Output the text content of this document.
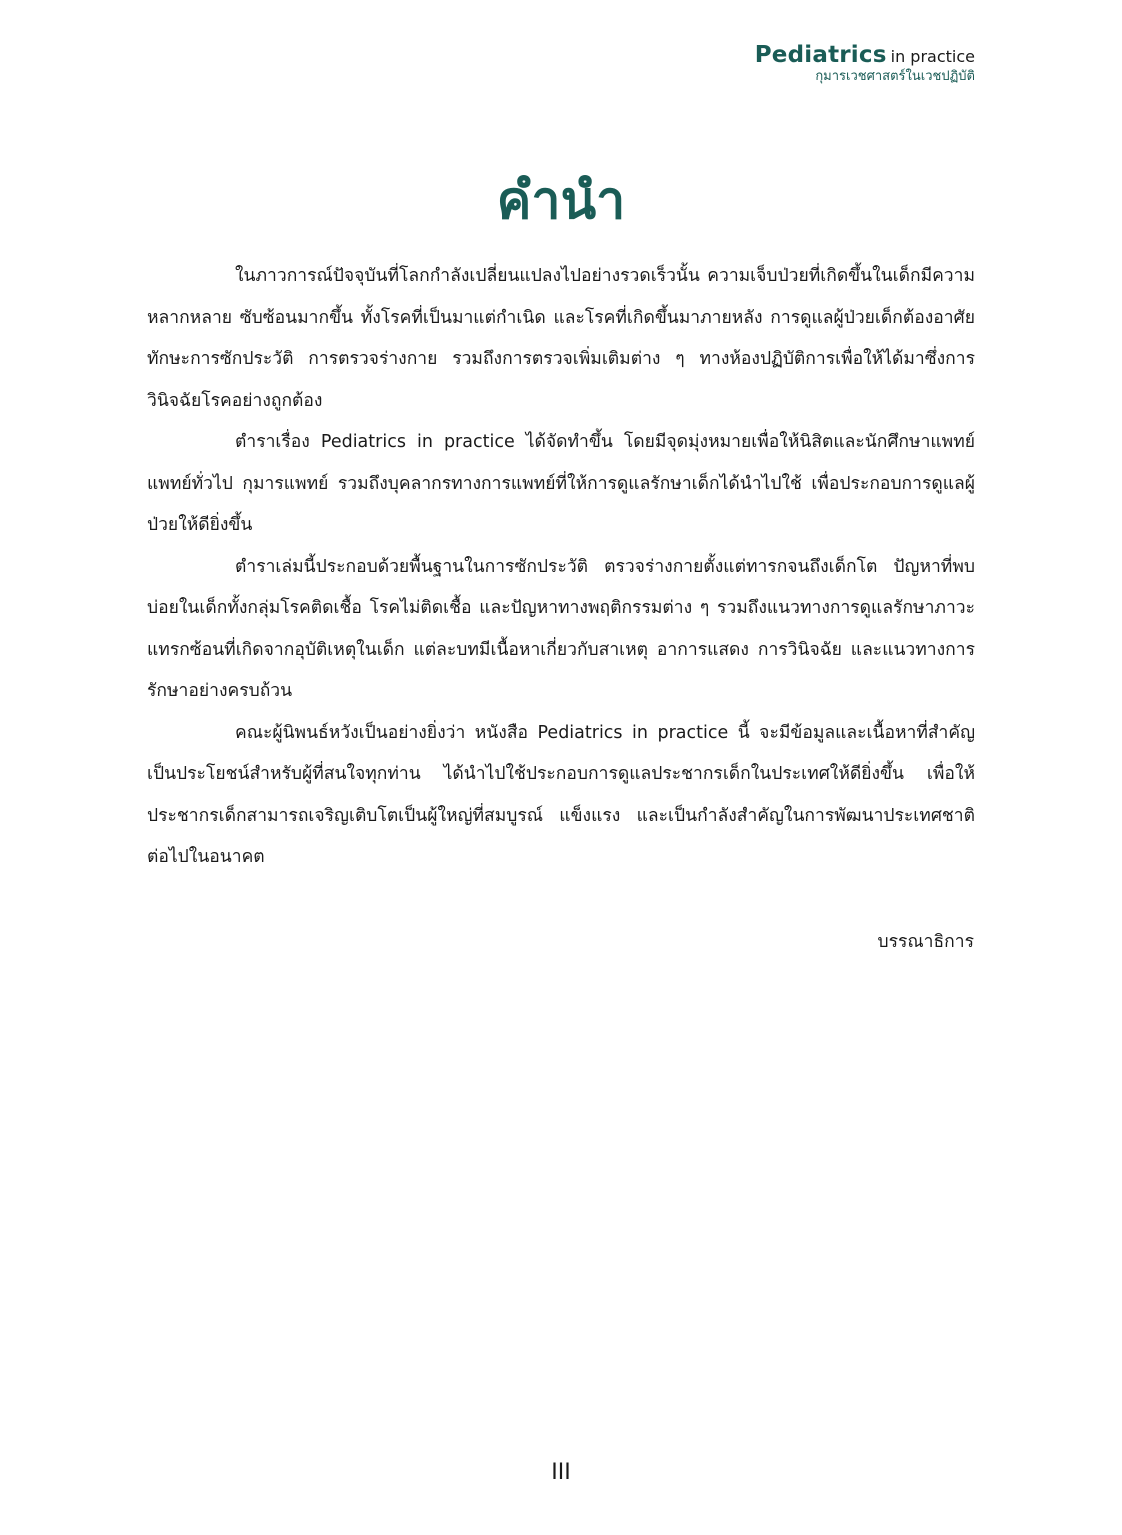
Pediatrics in practice
กุมารเวชศาสตร์ในเวชปฏิบัติ
คำนำ

ในภาวการณ์ปัจจุบันที่โลกกำลังเปลี่ยนแปลงไปอย่างรวดเร็วนั้น ความเจ็บป่วยที่เกิดขึ้นในเด็กมีความหลากหลาย ซับซ้อนมากขึ้น ทั้งโรคที่เป็นมาแต่กำเนิด และโรคที่เกิดขึ้นมาภายหลัง การดูแลผู้ป่วยเด็กต้องอาศัยทักษะการซักประวัติ การตรวจร่างกาย รวมถึงการตรวจเพิ่มเติมต่าง ๆ ทางห้องปฏิบัติการเพื่อให้ได้มาซึ่งการวินิจฉัยโรคอย่างถูกต้อง

ตำราเรื่อง Pediatrics in practice ได้จัดทำขึ้น โดยมีจุดมุ่งหมายเพื่อให้นิสิตและนักศึกษาแพทย์ แพทย์ทั่วไป กุมารแพทย์ รวมถึงบุคลากรทางการแพทย์ที่ให้การดูแลรักษาเด็กได้นำไปใช้ เพื่อประกอบการดูแลผู้ป่วยให้ดียิ่งขึ้น

ตำราเล่มนี้ประกอบด้วยพื้นฐานในการซักประวัติ ตรวจร่างกายตั้งแต่ทารกจนถึงเด็กโต ปัญหาที่พบบ่อยในเด็กทั้งกลุ่มโรคติดเชื้อ โรคไม่ติดเชื้อ และปัญหาทางพฤติกรรมต่าง ๆ รวมถึงแนวทางการดูแลรักษาภาวะแทรกซ้อนที่เกิดจากอุบัติเหตุในเด็ก แต่ละบทมีเนื้อหาเกี่ยวกับสาเหตุ อาการแสดง การวินิจฉัย และแนวทางการรักษาอย่างครบถ้วน

คณะผู้นิพนธ์หวังเป็นอย่างยิ่งว่า หนังสือ Pediatrics in practice นี้ จะมีข้อมูลและเนื้อหาที่สำคัญเป็นประโยชน์สำหรับผู้ที่สนใจทุกท่าน ได้นำไปใช้ประกอบการดูแลประชากรเด็กในประเทศให้ดียิ่งขึ้น เพื่อให้ประชากรเด็กสามารถเจริญเติบโตเป็นผู้ใหญ่ที่สมบูรณ์ แข็งแรง และเป็นกำลังสำคัญในการพัฒนาประเทศชาติต่อไปในอนาคต

บรรณาธิการ
III
